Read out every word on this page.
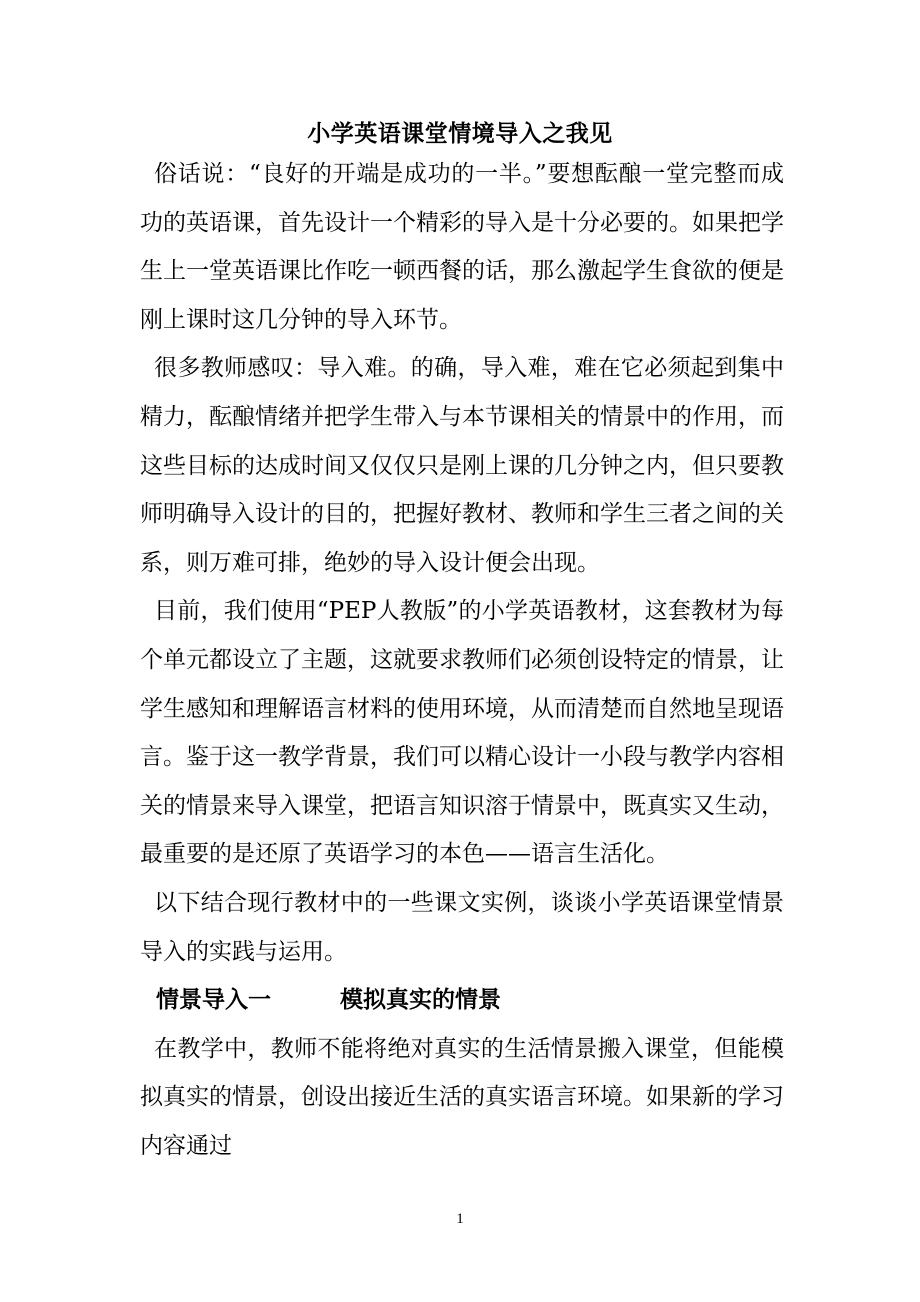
小学英语课堂情境导入之我见

俗话说：“良好的开端是成功的一半。”要想酝酿一堂完整而成功的英语课，首先设计一个精彩的导入是十分必要的。如果把学生上一堂英语课比作吃一顿西餐的话，那么激起学生食欲的便是刚上课时这几分钟的导入环节。

很多教师感叹：导入难。的确，导入难，难在它必须起到集中精力，酝酿情绪并把学生带入与本节课相关的情景中的作用，而这些目标的达成时间又仅仅只是刚上课的几分钟之内，但只要教师明确导入设计的目的，把握好教材、教师和学生三者之间的关系，则万难可排，绝妙的导入设计便会出现。

目前，我们使用“PEP人教版”的小学英语教材，这套教材为每个单元都设立了主题，这就要求教师们必须创设特定的情景，让学生感知和理解语言材料的使用环境，从而清楚而自然地呈现语言。鉴于这一教学背景，我们可以精心设计一小段与教学内容相关的情景来导入课堂，把语言知识溶于情景中，既真实又生动，最重要的是还原了英语学习的本色——语言生活化。

以下结合现行教材中的一些课文实例，谈谈小学英语课堂情景导入的实践与运用。

情景导入一	模拟真实的情景

在教学中，教师不能将绝对真实的生活情景搬入课堂，但能模拟真实的情景，创设出接近生活的真实语言环境。如果新的学习内容通过

1
